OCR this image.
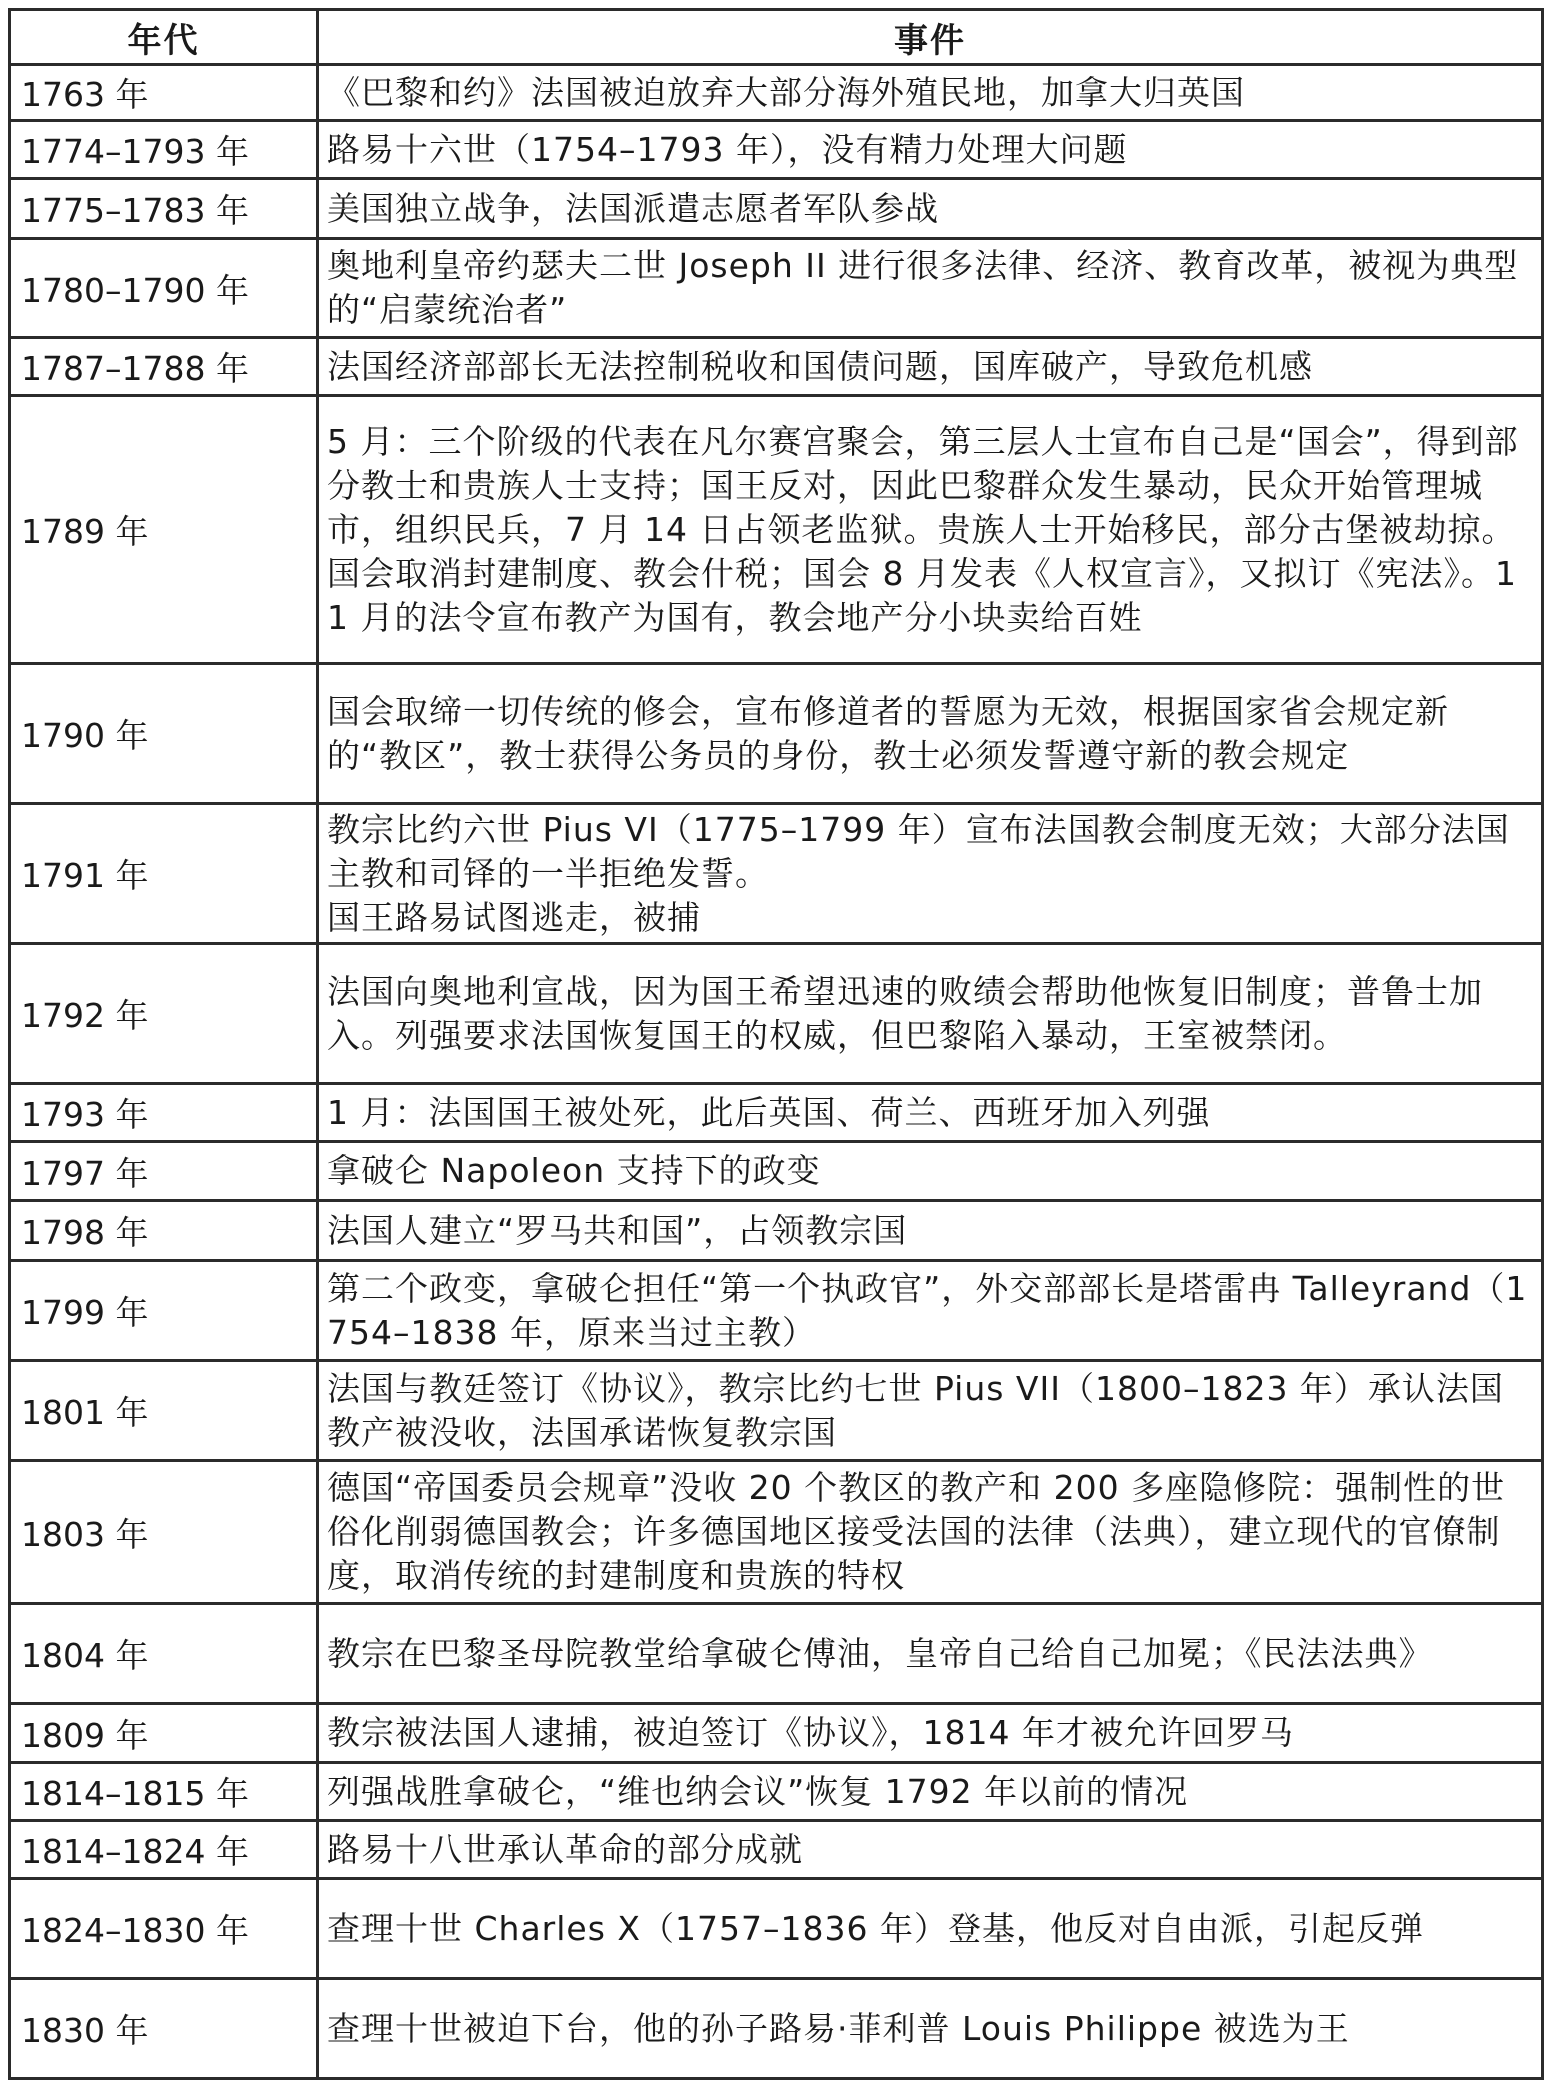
年代	事件
1763 年	《巴黎和约》法国被迫放弃大部分海外殖民地，加拿大归英国
1774–1793 年	路易十六世（1754–1793 年），没有精力处理大问题
1775–1783 年	美国独立战争，法国派遣志愿者军队参战
1780–1790 年	奥地利皇帝约瑟夫二世 Joseph II 进行很多法律、经济、教育改革，被视为典型的“启蒙统治者”
1787–1788 年	法国经济部部长无法控制税收和国债问题，国库破产，导致危机感
1789 年	5 月：三个阶级的代表在凡尔赛宫聚会，第三层人士宣布自己是“国会”，得到部分教士和贵族人士支持；国王反对，因此巴黎群众发生暴动，民众开始管理城市，组织民兵，7 月 14 日占领老监狱。贵族人士开始移民，部分古堡被劫掠。国会取消封建制度、教会什税；国会 8 月发表《人权宣言》，又拟订《宪法》。11 月的法令宣布教产为国有，教会地产分小块卖给百姓
1790 年	国会取缔一切传统的修会，宣布修道者的誓愿为无效，根据国家省会规定新的“教区”，教士获得公务员的身份，教士必须发誓遵守新的教会规定
1791 年	教宗比约六世 Pius VI（1775–1799 年）宣布法国教会制度无效；大部分法国主教和司铎的一半拒绝发誓。
国王路易试图逃走，被捕
1792 年	法国向奥地利宣战，因为国王希望迅速的败绩会帮助他恢复旧制度；普鲁士加入。列强要求法国恢复国王的权威，但巴黎陷入暴动，王室被禁闭。
1793 年	1 月：法国国王被处死，此后英国、荷兰、西班牙加入列强
1797 年	拿破仑 Napoleon 支持下的政变
1798 年	法国人建立“罗马共和国”，占领教宗国
1799 年	第二个政变，拿破仑担任“第一个执政官”，外交部部长是塔雷冉 Talleyrand（1754–1838 年，原来当过主教）
1801 年	法国与教廷签订《协议》，教宗比约七世 Pius VII（1800–1823 年）承认法国教产被没收，法国承诺恢复教宗国
1803 年	德国“帝国委员会规章”没收 20 个教区的教产和 200 多座隐修院：强制性的世俗化削弱德国教会；许多德国地区接受法国的法律（法典），建立现代的官僚制度，取消传统的封建制度和贵族的特权
1804 年	教宗在巴黎圣母院教堂给拿破仑傅油，皇帝自己给自己加冕；《民法法典》
1809 年	教宗被法国人逮捕，被迫签订《协议》，1814 年才被允许回罗马
1814–1815 年	列强战胜拿破仑，“维也纳会议”恢复 1792 年以前的情况
1814–1824 年	路易十八世承认革命的部分成就
1824–1830 年	查理十世 Charles X（1757–1836 年）登基，他反对自由派，引起反弹
1830 年	查理十世被迫下台，他的孙子路易·菲利普 Louis Philippe 被选为王
